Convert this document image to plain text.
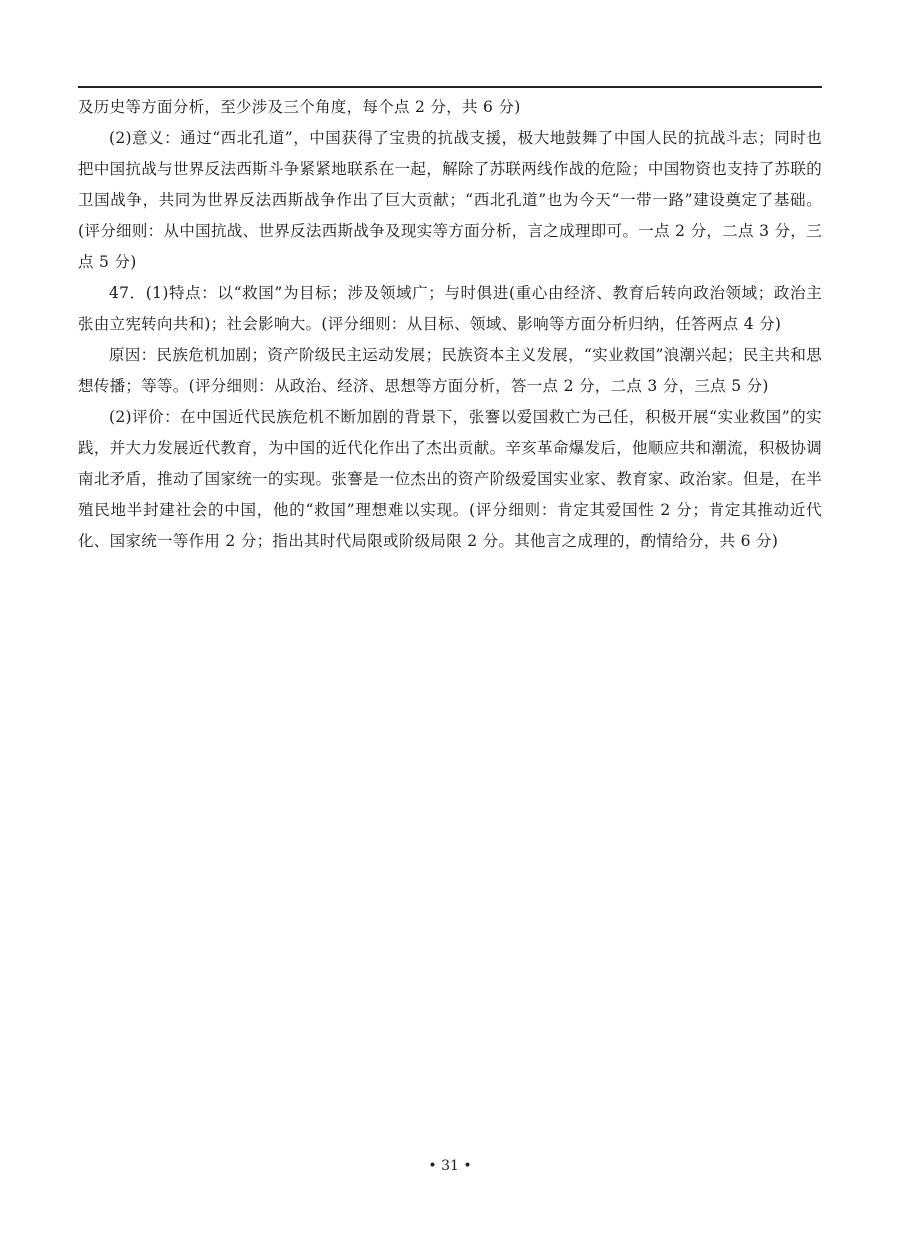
及历史等方面分析，至少涉及三个角度，每个点 2 分，共 6 分)

(2)意义：通过“西北孔道”，中国获得了宝贵的抗战支援，极大地鼓舞了中国人民的抗战斗志；同时也把中国抗战与世界反法西斯斗争紧紧地联系在一起，解除了苏联两线作战的危险；中国物资也支持了苏联的卫国战争，共同为世界反法西斯战争作出了巨大贡献；“西北孔道”也为今天“一带一路”建设奠定了基础。(评分细则：从中国抗战、世界反法西斯战争及现实等方面分析，言之成理即可。一点 2 分，二点 3 分，三点 5 分)

47．(1)特点：以“救国”为目标；涉及领域广；与时俱进(重心由经济、教育后转向政治领域；政治主张由立宪转向共和)；社会影响大。(评分细则：从目标、领域、影响等方面分析归纳，任答两点 4 分)

原因：民族危机加剧；资产阶级民主运动发展；民族资本主义发展，“实业救国”浪潮兴起；民主共和思想传播；等等。(评分细则：从政治、经济、思想等方面分析，答一点 2 分，二点 3 分，三点 5 分)

(2)评价：在中国近代民族危机不断加剧的背景下，张謇以爱国救亡为己任，积极开展“实业救国”的实践，并大力发展近代教育，为中国的近代化作出了杰出贡献。辛亥革命爆发后，他顺应共和潮流，积极协调南北矛盾，推动了国家统一的实现。张謇是一位杰出的资产阶级爱国实业家、教育家、政治家。但是，在半殖民地半封建社会的中国，他的“救国”理想难以实现。(评分细则：肯定其爱国性 2 分；肯定其推动近代化、国家统一等作用 2 分；指出其时代局限或阶级局限 2 分。其他言之成理的，酌情给分，共 6 分)

• 31 •
